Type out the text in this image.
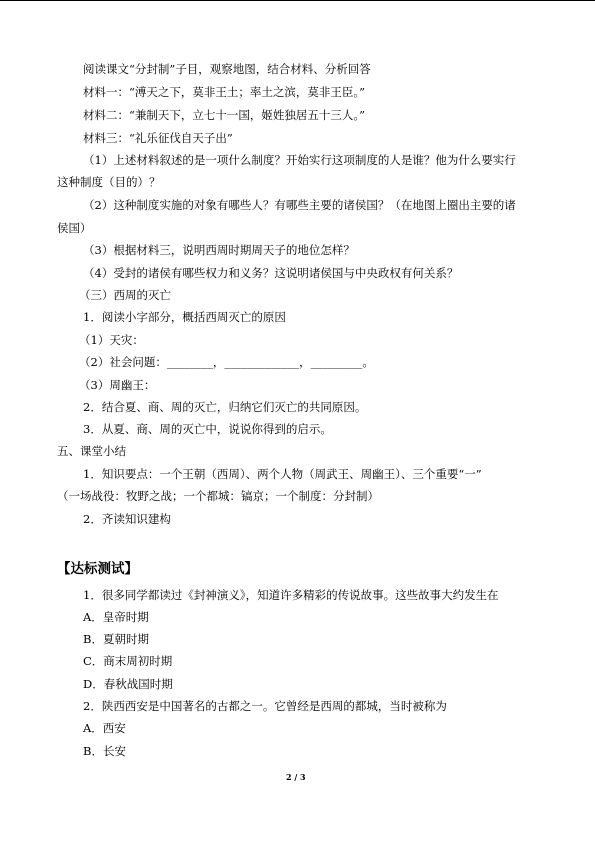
阅读课文“分封制”子目，观察地图，结合材料、分析回答
材料一：“溥天之下，莫非王土；率土之滨，莫非王臣。”
材料二：“兼制天下，立七十一国，姬姓独居五十三人。”
材料三：“礼乐征伐自天子出”
（1）上述材料叙述的是一项什么制度？开始实行这项制度的人是谁？他为什么要实行
这种制度（目的）？
（2）这种制度实施的对象有哪些人？有哪些主要的诸侯国？（在地图上圈出主要的诸
侯国）
（3）根据材料三，说明西周时期周天子的地位怎样？
（4）受封的诸侯有哪些权力和义务？这说明诸侯国与中央政权有何关系？
（三）西周的灭亡
1．阅读小字部分，概括西周灭亡的原因
（1）天灾：
（2）社会问题：________，_____________，_________。
（3）周幽王：
2．结合夏、商、周的灭亡，归纳它们灭亡的共同原因。
3．从夏、商、周的灭亡中，说说你得到的启示。
五、课堂小结
1．知识要点：一个王朝（西周）、两个人物（周武王、周幽王）、三个重要“一”
（一场战役：牧野之战；一个都城：镐京；一个制度：分封制）
2．齐读知识建构
【达标测试】
1．很多同学都读过《封神演义》，知道许多精彩的传说故事。这些故事大约发生在
A．皇帝时期
B．夏朝时期
C．商末周初时期
D．春秋战国时期
2．陕西西安是中国著名的古都之一。它曾经是西周的都城，当时被称为
A．西安
B．长安
2 / 3
